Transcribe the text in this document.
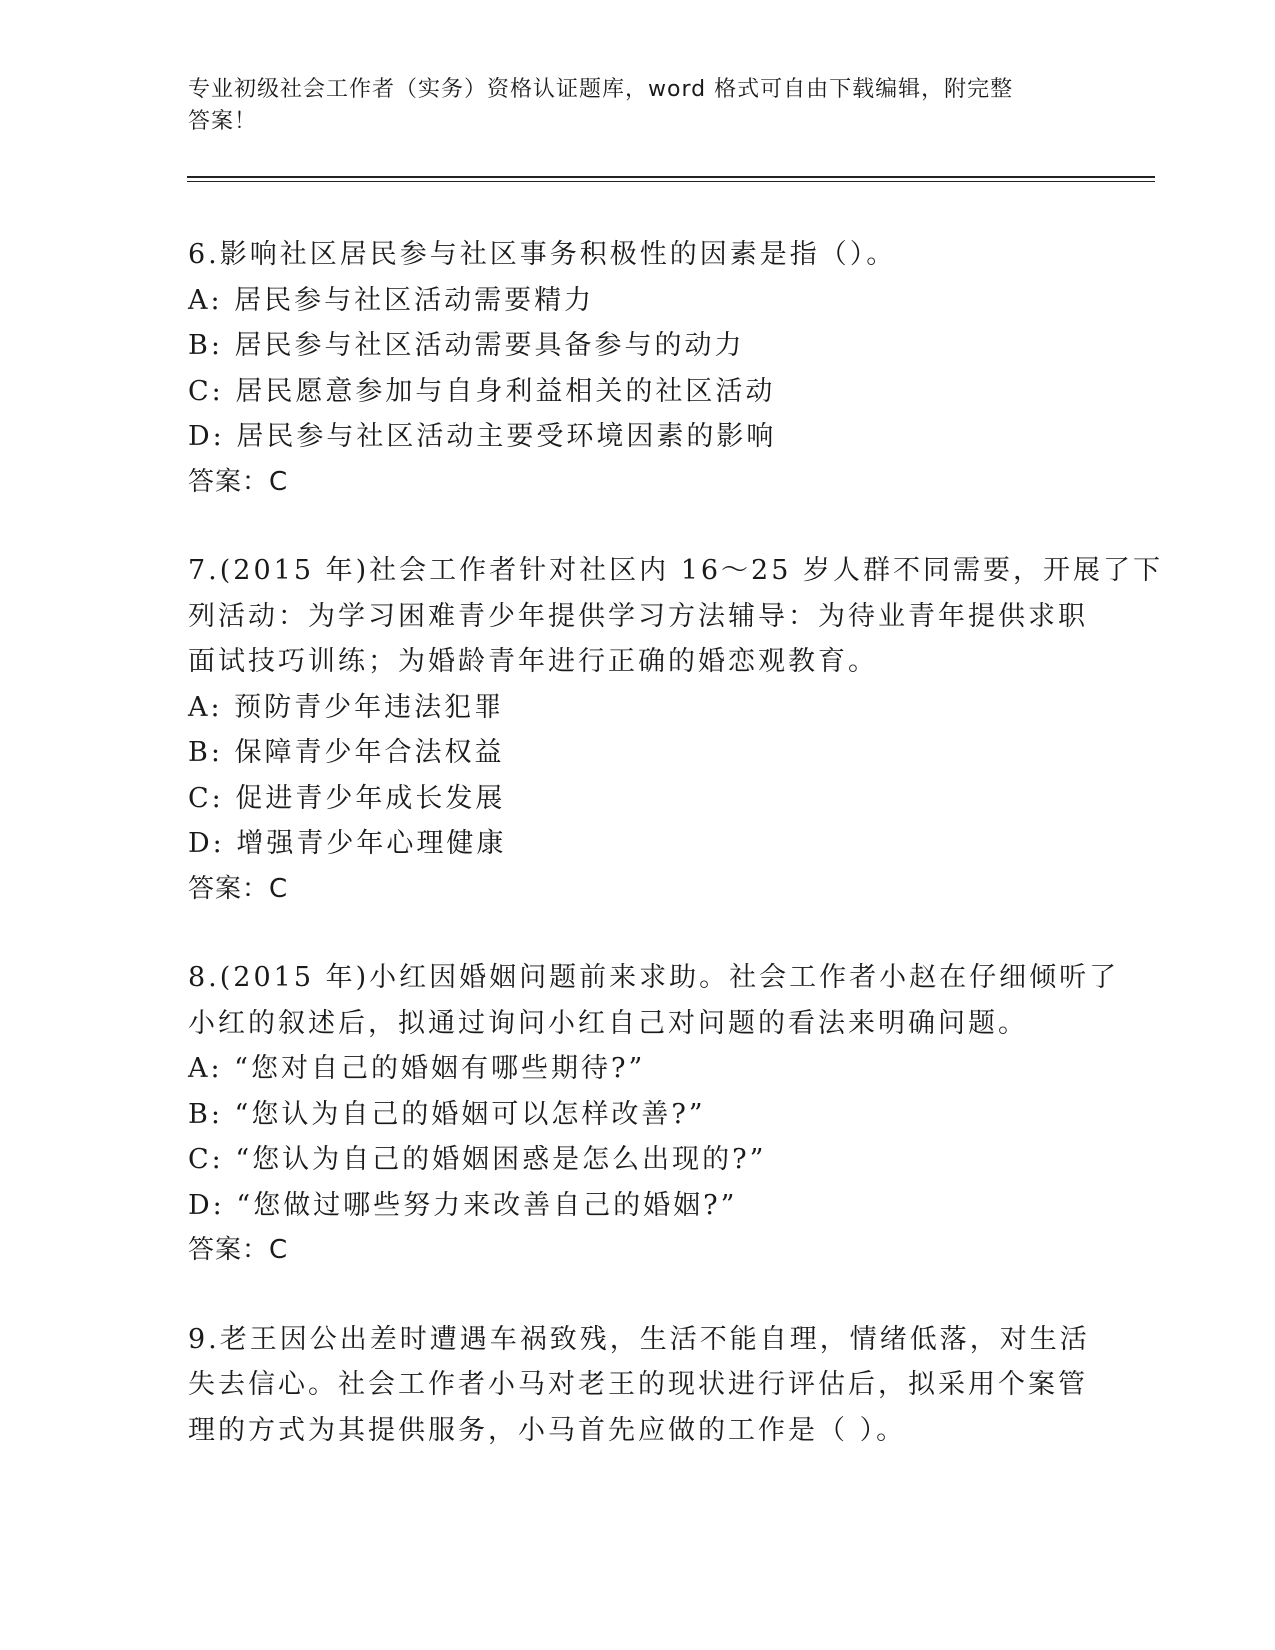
专业初级社会工作者（实务）资格认证题库，word 格式可自由下载编辑，附完整
答案！
6.影响社区居民参与社区事务积极性的因素是指（）。
A: 居民参与社区活动需要精力
B: 居民参与社区活动需要具备参与的动力
C: 居民愿意参加与自身利益相关的社区活动
D: 居民参与社区活动主要受环境因素的影响
答案：C
7.(2015 年)社会工作者针对社区内 16～25 岁人群不同需要，开展了下
列活动：为学习困难青少年提供学习方法辅导：为待业青年提供求职
面试技巧训练；为婚龄青年进行正确的婚恋观教育。
A: 预防青少年违法犯罪
B: 保障青少年合法权益
C: 促进青少年成长发展
D: 增强青少年心理健康
答案：C
8.(2015 年)小红因婚姻问题前来求助。社会工作者小赵在仔细倾听了
小红的叙述后，拟通过询问小红自己对问题的看法来明确问题。
A: “您对自己的婚姻有哪些期待?”
B: “您认为自己的婚姻可以怎样改善?”
C: “您认为自己的婚姻困惑是怎么出现的?”
D: “您做过哪些努力来改善自己的婚姻?”
答案：C
9.老王因公出差时遭遇车祸致残，生活不能自理，情绪低落，对生活
失去信心。社会工作者小马对老王的现状进行评估后，拟采用个案管
理的方式为其提供服务，小马首先应做的工作是（ ）。
